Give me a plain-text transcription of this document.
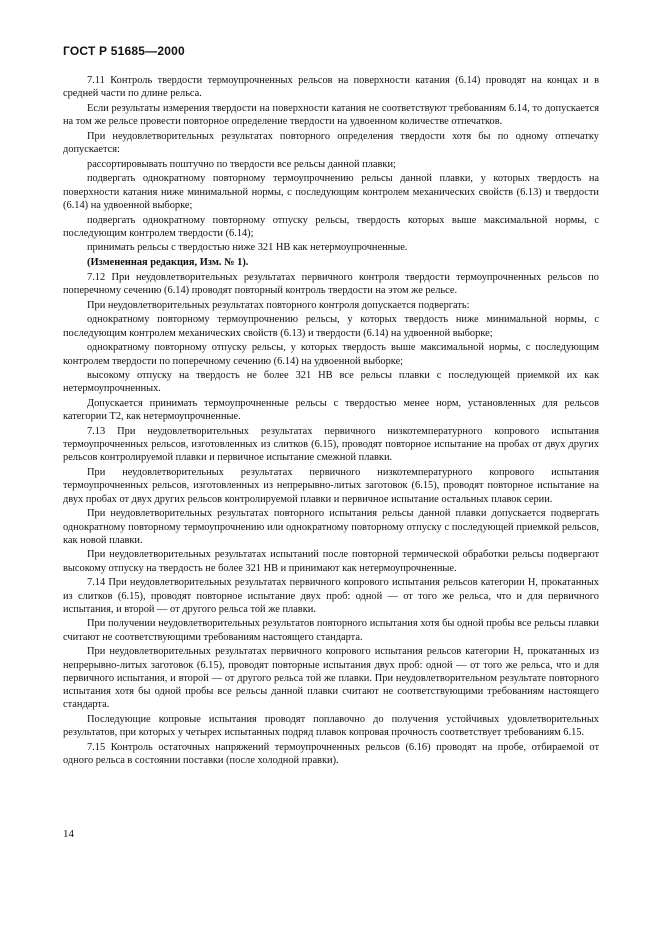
ГОСТ Р 51685—2000

7.11 Контроль твердости термоупрочненных рельсов на поверхности катания (6.14) проводят на концах и в средней части по длине рельса.

Если результаты измерения твердости на поверхности катания не соответствуют требованиям 6.14, то допускается на том же рельсе провести повторное определение твердости на удвоенном количестве отпечатков.

При неудовлетворительных результатах повторного определения твердости хотя бы по одному отпечатку допускается:

рассортировывать поштучно по твердости все рельсы данной плавки;

подвергать однократному повторному термоупрочнению рельсы данной плавки, у которых твердость на поверхности катания ниже минимальной нормы, с последующим контролем механических свойств (6.13) и твердости (6.14) на удвоенной выборке;

подвергать однократному повторному отпуску рельсы, твердость которых выше максимальной нормы, с последующим контролем твердости (6.14);

принимать рельсы с твердостью ниже 321 НВ как нетермоупрочненные.

(Измененная редакция, Изм. № 1).

7.12 При неудовлетворительных результатах первичного контроля твердости термоупрочненных рельсов по поперечному сечению (6.14) проводят повторный контроль твердости на этом же рельсе.

При неудовлетворительных результатах повторного контроля допускается подвергать:

однократному повторному термоупрочнению рельсы, у которых твердость ниже минимальной нормы, с последующим контролем механических свойств (6.13) и твердости (6.14) на удвоенной выборке;

однократному повторному отпуску рельсы, у которых твердость выше максимальной нормы, с последующим контролем твердости по поперечному сечению (6.14) на удвоенной выборке;

высокому отпуску на твердость не более 321 НВ все рельсы плавки с последующей приемкой их как нетермоупрочненных.

Допускается принимать термоупрочненные рельсы с твердостью менее норм, установленных для рельсов категории Т2, как нетермоупрочненные.

7.13 При неудовлетворительных результатах первичного низкотемпературного копрового испытания термоупрочненных рельсов, изготовленных из слитков (6.15), проводят повторное испытание на пробах от двух других рельсов контролируемой плавки и первичное испытание смежной плавки.

При неудовлетворительных результатах первичного низкотемпературного копрового испытания термоупрочненных рельсов, изготовленных из непрерывно-литых заготовок (6.15), проводят повторное испытание на двух пробах от двух других рельсов контролируемой плавки и первичное испытание остальных плавок серии.

При неудовлетворительных результатах повторного испытания рельсы данной плавки допускается подвергать однократному повторному термоупрочнению или однократному повторному отпуску с последующей приемкой рельсов, как новой плавки.

При неудовлетворительных результатах испытаний после повторной термической обработки рельсы подвергают высокому отпуску на твердость не более 321 НВ и принимают как нетермоупрочненные.

7.14 При неудовлетворительных результатах первичного копрового испытания рельсов категории Н, прокатанных из слитков (6.15), проводят повторное испытание двух проб: одной — от того же рельса, что и для первичного испытания, и второй — от другого рельса той же плавки.

При получении неудовлетворительных результатов повторного испытания хотя бы одной пробы все рельсы плавки считают не соответствующими требованиям настоящего стандарта.

При неудовлетворительных результатах первичного копрового испытания рельсов категории Н, прокатанных из непрерывно-литых заготовок (6.15), проводят повторные испытания двух проб: одной — от того же рельса, что и для первичного испытания, и второй — от другого рельса той же плавки. При неудовлетворительном результате повторного испытания хотя бы одной пробы все рельсы данной плавки считают не соответствующими требованиям настоящего стандарта.

Последующие копровые испытания проводят поплавочно до получения устойчивых удовлетворительных результатов, при которых у четырех испытанных подряд плавок копровая прочность соответствует требованиям 6.15.

7.15 Контроль остаточных напряжений термоупрочненных рельсов (6.16) проводят на пробе, отбираемой от одного рельса в состоянии поставки (после холодной правки).

14
